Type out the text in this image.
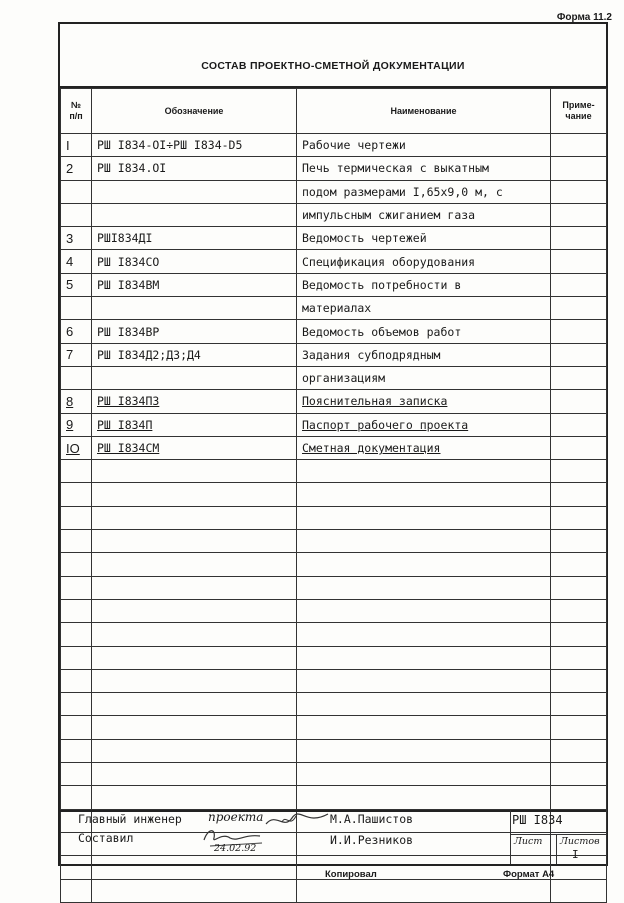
Форма 11.2
СОСТАВ ПРОЕКТНО-СМЕТНОЙ ДОКУМЕНТАЦИИ
№ п/п	Обозначение	Наименование	Приме- чание
I	РШ I834-OI÷РШ I834-D5	Рабочие чертежи	
2	РШ I834.OI	Печь термическая с выкатным	
		подом размерами I,65x9,0 м, с	
		импульсным сжиганием газа	
3	РШI834ДI	Ведомость чертежей	
4	РШ I834CO	Спецификация оборудования	
5	РШ I834ВМ	Ведомость потребности в	
		материалах	
6	РШ I834ВР	Ведомость объемов работ	
7	РШ I834Д2;Д3;Д4	Задания субподрядным	
		организациям	
8	РШ I834ПЗ	Пояснительная записка	
9	РШ I834П	Паспорт рабочего проекта	
IO	РШ I834СМ	Сметная документация	

Главный инженер проекта	М.А.Пашистов
Составил
24.02.92
И.И.Резников
РШ I834
Лист Листов
I
Копировал	Формат А4
